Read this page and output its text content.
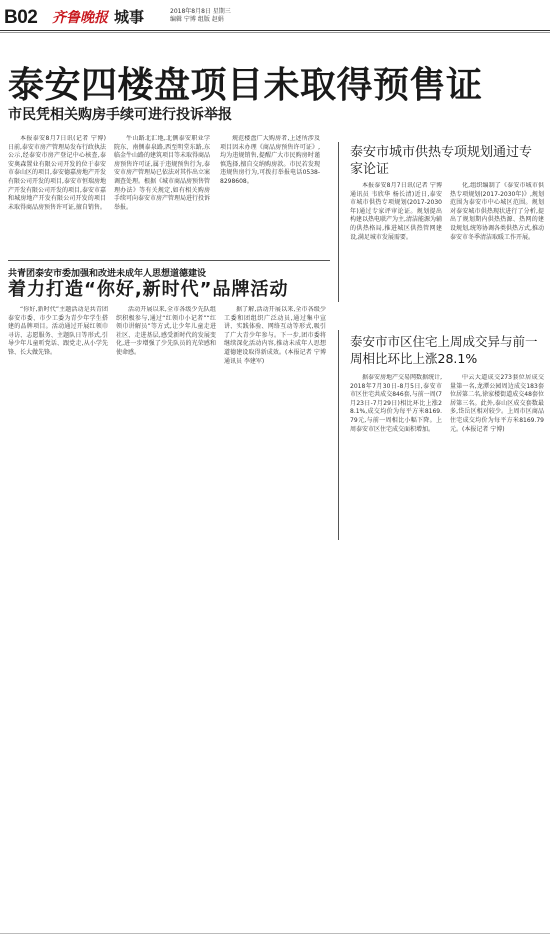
B02 齐鲁晚报 城事	2018年8月8日 星期三
编辑 宁博 组版 赵娟
泰安四楼盘项目未取得预售证
市民凭相关购房手续可进行投诉举报

本报泰安8月7日讯(记者 宁博)日前,泰安市房产管理局发布行政执法公示,经泰安市房产登记中心核查,泰安奥森置业有限公司开发的位于泰安市泰山区的项目,泰安德嘉房地产开发有限公司开发的项目,泰安市恒瑞房地产开发有限公司开发的项目,泰安市嘉和城房地产开发有限公司开发的项目未取得商品房预售许可证,擅自销售。

牛山路北汇地,北侧泰安职业学院东、南侧泰泉路,西至明堂东路,东临金牛山路的建筑项目等未取得商品房预售许可证,属于违规预售行为,泰安市房产管理局已依法对其作出立案调查处理。根据《城市商品房预售管理办法》等有关规定,如有相关购房手续可向泰安市房产管理局进行投诉举报。

规范楼盘广大购房者,上述所涉及项目因未办理《商品房预售许可证》,均为违规销售,提醒广大市民购房时谨慎选择,擅自交纳购房款。市民若发现违规售房行为,可拨打举报电话0538-8298608。

泰安市城市供热专项规划通过专家论证

本报泰安8月7日讯(记者 宁博 通讯员 韦欣华 杨长清)近日,泰安市城市供热专项规划(2017-2030年)通过专家评审论证。规划提出构建以热电联产为主,清洁能源为辅的供热格局,推进城区供热管网建设,满足城市发展需要。

化,组织编制了《泰安市城市供热专项规划(2017-2030年)》,规划范围为泰安市中心城区范围。规划对泰安城市供热现状进行了分析,提出了规划期内供热热源、热网的建设规划,统筹协调各类供热方式,推动泰安市冬季清洁取暖工作开展。

共青团泰安市委加强和改进未成年人思想道德建设
着力打造“你好,新时代”品牌活动

“你好,新时代”主题活动是共青团泰安市委、市少工委为青少年学生搭建的品牌项目。活动通过开展红领巾寻访、志愿服务、主题队日等形式,引导少年儿童听党话、跟党走,从小学先锋、长大做先锋。

活动开展以来,全市各级少先队组织积极参与,通过“红领巾小记者”“红领巾讲解员”等方式,让少年儿童走进社区、走进基层,感受新时代的发展变化,进一步增强了少先队员的光荣感和使命感。

据了解,活动开展以来,全市各级少工委和团组织广泛动员,通过集中宣讲、实践体验、网络互动等形式,吸引了广大青少年参与。下一步,团市委将继续深化活动内容,推动未成年人思想道德建设取得新成效。(本报记者 宁博 通讯员 李建军)

泰安市市区住宅上周成交异与前一周相比环比上涨28.1%

据泰安房地产交易网数据统计,2018年7月30日-8月5日,泰安市市区住宅共成交846套,与前一周(7月23日-7月29日)相比环比上涨28.1%,成交均价为每平方米8169.79元,与前一周相比小幅下降。上周泰安市区住宅成交面积增加。

中云大道成交273套位居成交量第一名,龙潭公园周边成交183套位居第二名,徐家楼街道成交48套位居第三名。此外,泰山区成交套数最多,岱岳区相对较少。上周市区商品住宅成交均价为每平方米8169.79元。(本报记者 宁博)
